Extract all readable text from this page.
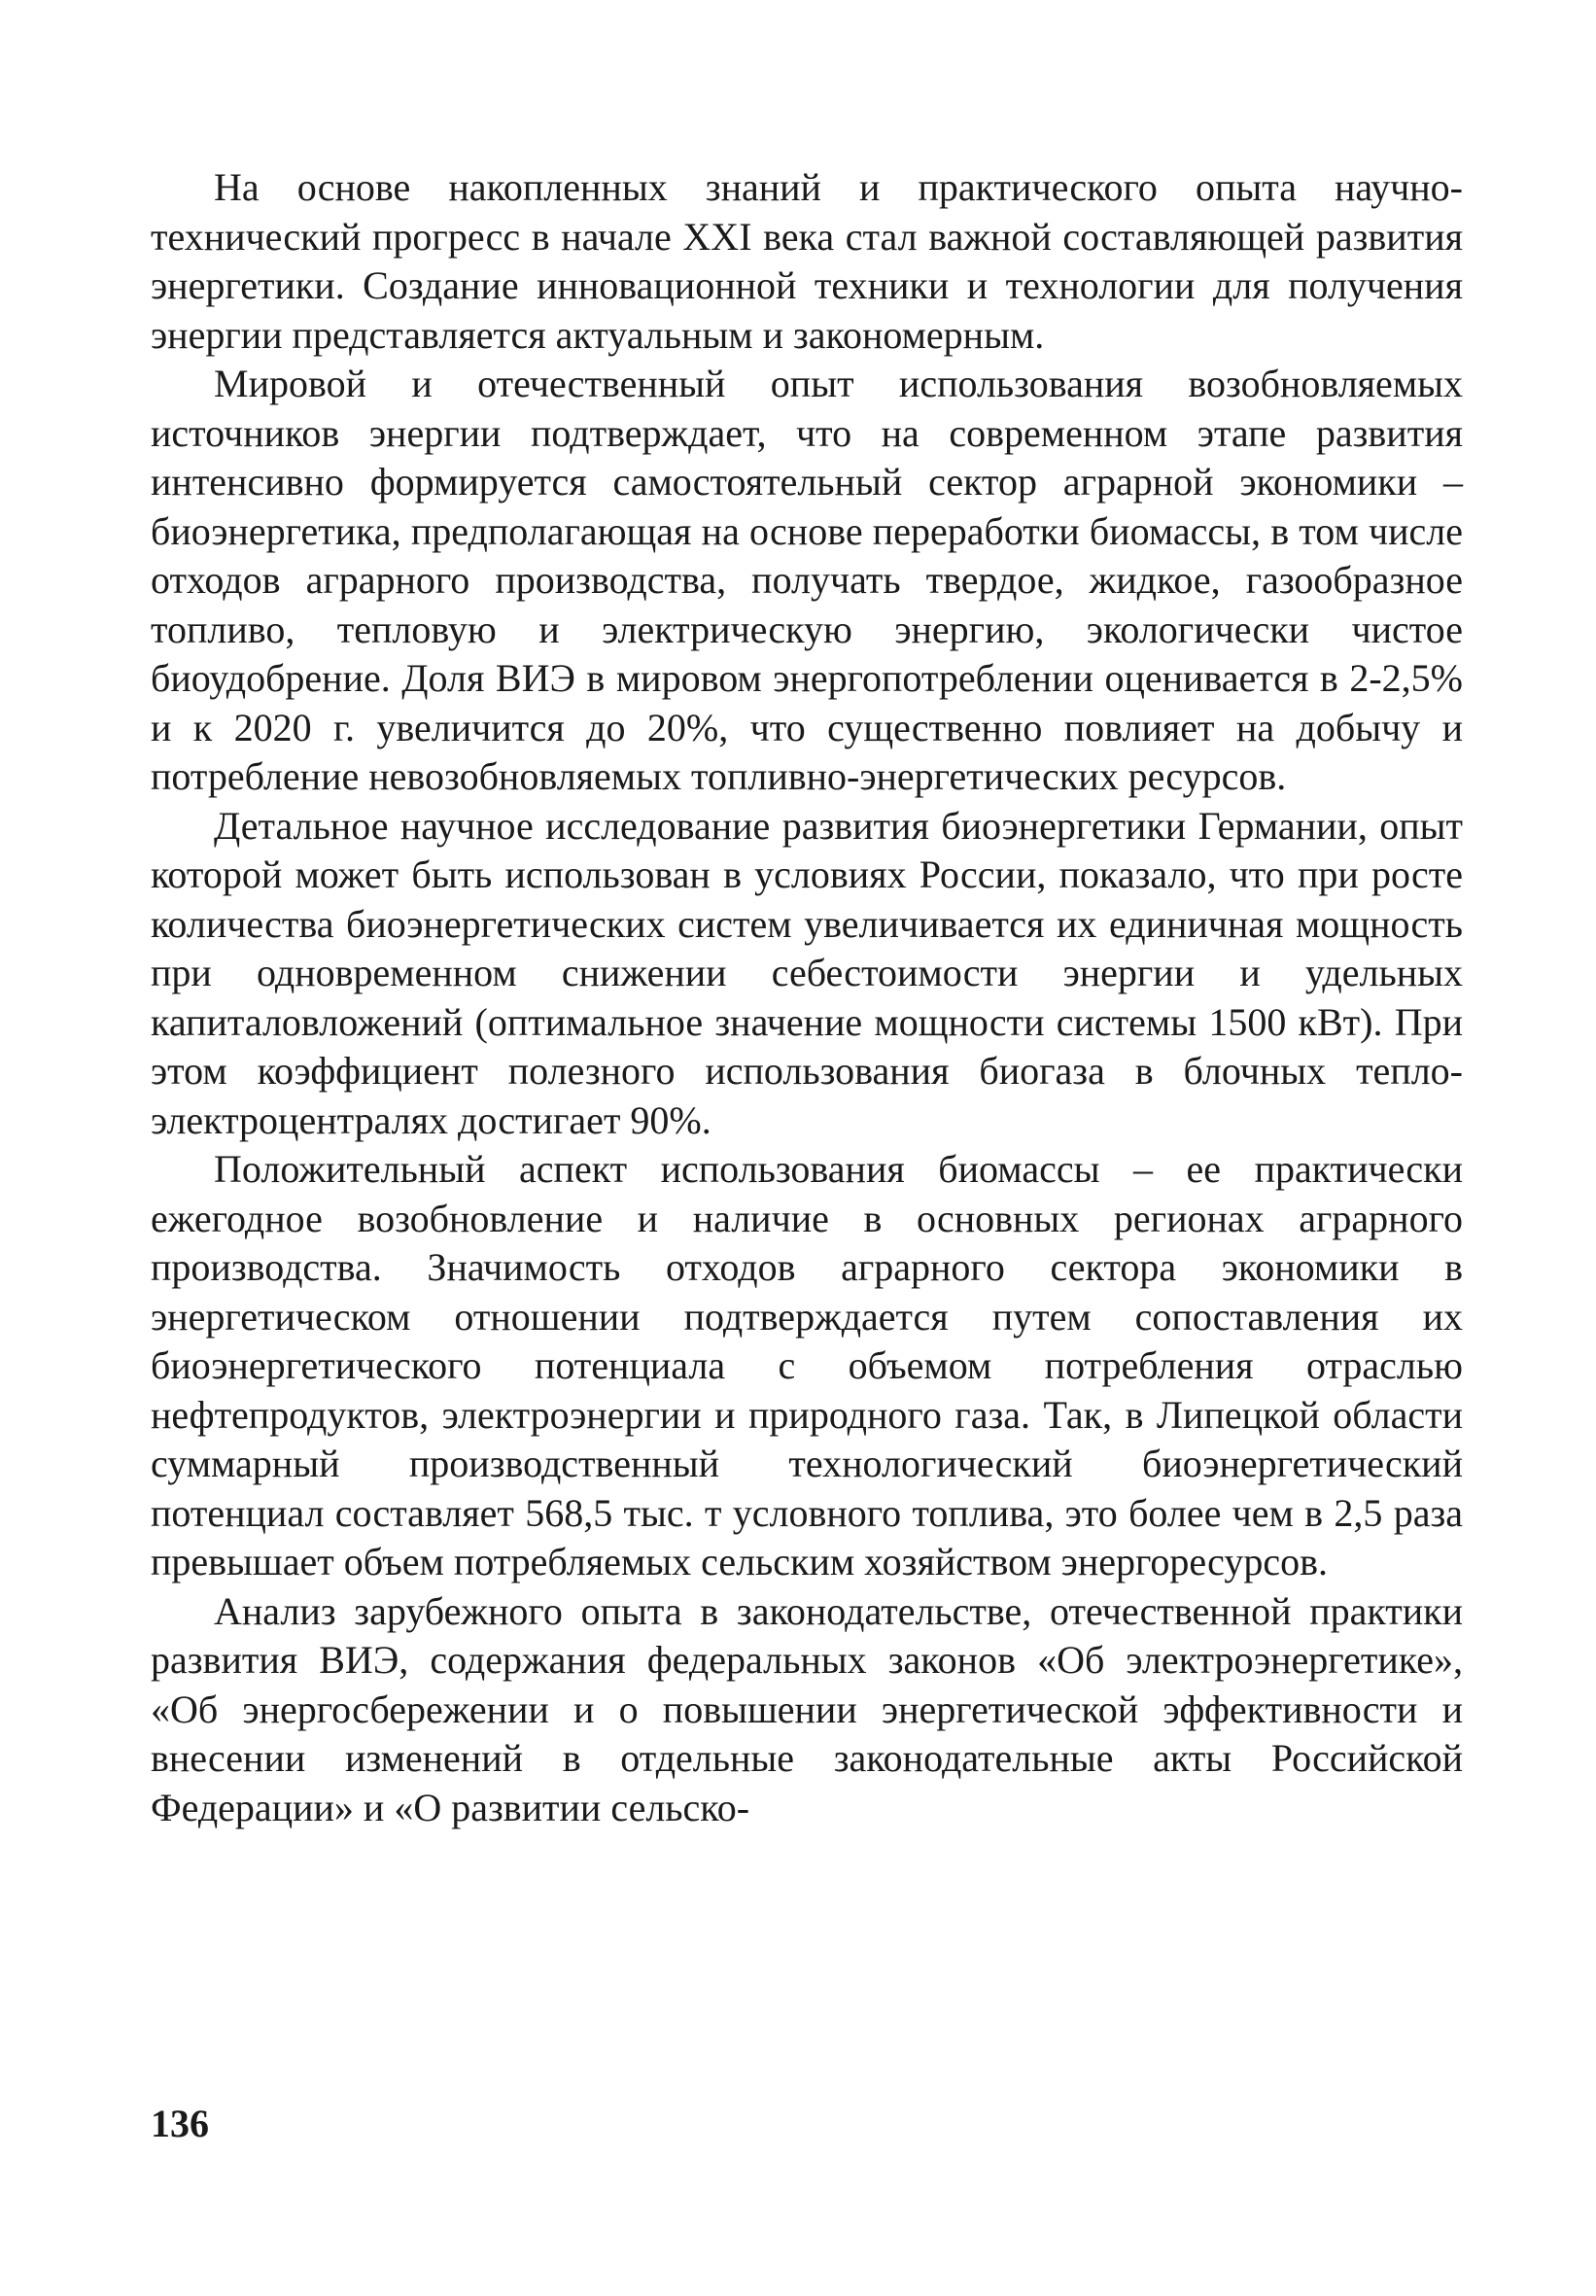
На основе накопленных знаний и практического опыта научно-технический прогресс в начале XXI века стал важной составляющей развития энергетики. Создание инновационной техники и технологии для получения энергии представляется актуальным и закономерным.

Мировой и отечественный опыт использования возобновляемых источников энергии подтверждает, что на современном этапе развития интенсивно формируется самостоятельный сектор аграрной экономики – биоэнергетика, предполагающая на основе переработки биомассы, в том числе отходов аграрного производства, получать твердое, жидкое, газообразное топливо, тепловую и электрическую энергию, экологически чистое биоудобрение. Доля ВИЭ в мировом энергопотреблении оценивается в 2-2,5% и к 2020 г. увеличится до 20%, что существенно повлияет на добычу и потребление невозобновляемых топливно-энергетических ресурсов.

Детальное научное исследование развития биоэнергетики Германии, опыт которой может быть использован в условиях России, показало, что при росте количества биоэнергетических систем увеличивается их единичная мощность при одновременном снижении себестоимости энергии и удельных капиталовложений (оптимальное значение мощности системы 1500 кВт). При этом коэффициент полезного использования биогаза в блочных тепло-электроцентралях достигает 90%.

Положительный аспект использования биомассы – ее практически ежегодное возобновление и наличие в основных регионах аграрного производства. Значимость отходов аграрного сектора экономики в энергетическом отношении подтверждается путем сопоставления их биоэнергетического потенциала с объемом потребления отраслью нефтепродуктов, электроэнергии и природного газа. Так, в Липецкой области суммарный производственный технологический биоэнергетический потенциал составляет 568,5 тыс. т условного топлива, это более чем в 2,5 раза превышает объем потребляемых сельским хозяйством энергоресурсов.

Анализ зарубежного опыта в законодательстве, отечественной практики развития ВИЭ, содержания федеральных законов «Об электроэнергетике», «Об энергосбережении и о повышении энергетической эффективности и внесении изменений в отдельные законодательные акты Российской Федерации» и «О развитии сельско-

136
